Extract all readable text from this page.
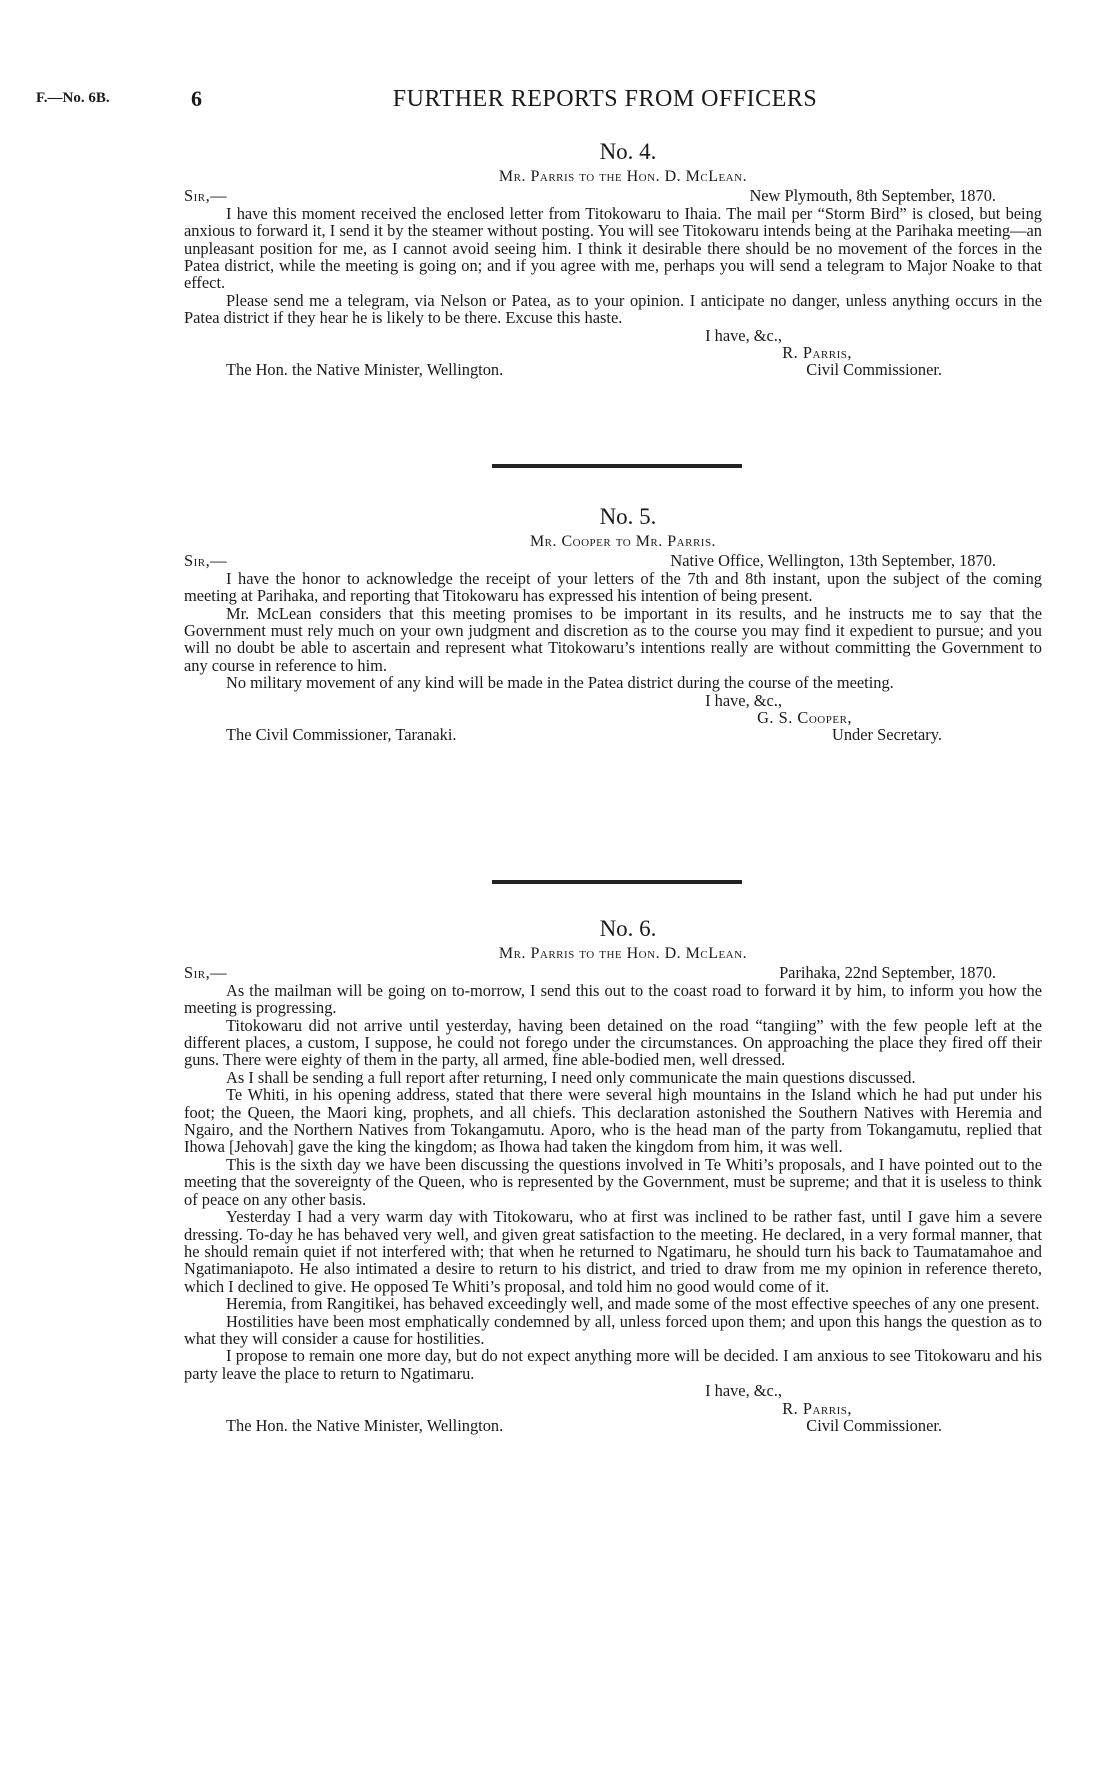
F.—No. 6B.	6	FURTHER REPORTS FROM OFFICERS
No. 4.
Mr. Parris to the Hon. D. McLean.
Sir,—	New Plymouth, 8th September, 1870.

I have this moment received the enclosed letter from Titokowaru to Ihaia. The mail per “Storm Bird” is closed, but being anxious to forward it, I send it by the steamer without posting. You will see Titokowaru intends being at the Parihaka meeting—an unpleasant position for me, as I cannot avoid seeing him. I think it desirable there should be no movement of the forces in the Patea district, while the meeting is going on; and if you agree with me, perhaps you will send a telegram to Major Noake to that effect.

Please send me a telegram, via Nelson or Patea, as to your opinion. I anticipate no danger, unless anything occurs in the Patea district if they hear he is likely to be there. Excuse this haste.

I have, &c.,
R. Parris,
The Hon. the Native Minister, Wellington.	Civil Commissioner.
No. 5.
Mr. Cooper to Mr. Parris.
Sir,—	Native Office, Wellington, 13th September, 1870.

I have the honor to acknowledge the receipt of your letters of the 7th and 8th instant, upon the subject of the coming meeting at Parihaka, and reporting that Titokowaru has expressed his intention of being present.

Mr. McLean considers that this meeting promises to be important in its results, and he instructs me to say that the Government must rely much on your own judgment and discretion as to the course you may find it expedient to pursue; and you will no doubt be able to ascertain and represent what Titokowaru’s intentions really are without committing the Government to any course in reference to him.

No military movement of any kind will be made in the Patea district during the course of the meeting.

I have, &c.,
G. S. Cooper,
The Civil Commissioner, Taranaki.	Under Secretary.
No. 6.
Mr. Parris to the Hon. D. McLean.
Sir,—	Parihaka, 22nd September, 1870.

As the mailman will be going on to-morrow, I send this out to the coast road to forward it by him, to inform you how the meeting is progressing.

Titokowaru did not arrive until yesterday, having been detained on the road “tangiing” with the few people left at the different places, a custom, I suppose, he could not forego under the circumstances. On approaching the place they fired off their guns. There were eighty of them in the party, all armed, fine able-bodied men, well dressed.

As I shall be sending a full report after returning, I need only communicate the main questions discussed.

Te Whiti, in his opening address, stated that there were several high mountains in the Island which he had put under his foot; the Queen, the Maori king, prophets, and all chiefs. This declaration astonished the Southern Natives with Heremia and Ngairo, and the Northern Natives from Tokangamutu. Aporo, who is the head man of the party from Tokangamutu, replied that Ihowa [Jehovah] gave the king the kingdom; as Ihowa had taken the kingdom from him, it was well.

This is the sixth day we have been discussing the questions involved in Te Whiti’s proposals, and I have pointed out to the meeting that the sovereignty of the Queen, who is represented by the Government, must be supreme; and that it is useless to think of peace on any other basis.

Yesterday I had a very warm day with Titokowaru, who at first was inclined to be rather fast, until I gave him a severe dressing. To-day he has behaved very well, and given great satisfaction to the meeting. He declared, in a very formal manner, that he should remain quiet if not interfered with; that when he returned to Ngatimaru, he should turn his back to Taumatamahoe and Ngatimaniapoto. He also intimated a desire to return to his district, and tried to draw from me my opinion in reference thereto, which I declined to give. He opposed Te Whiti’s proposal, and told him no good would come of it.

Heremia, from Rangitikei, has behaved exceedingly well, and made some of the most effective speeches of any one present.

Hostilities have been most emphatically condemned by all, unless forced upon them; and upon this hangs the question as to what they will consider a cause for hostilities.

I propose to remain one more day, but do not expect anything more will be decided. I am anxious to see Titokowaru and his party leave the place to return to Ngatimaru.

I have, &c.,
R. Parris,
The Hon. the Native Minister, Wellington.	Civil Commissioner.
